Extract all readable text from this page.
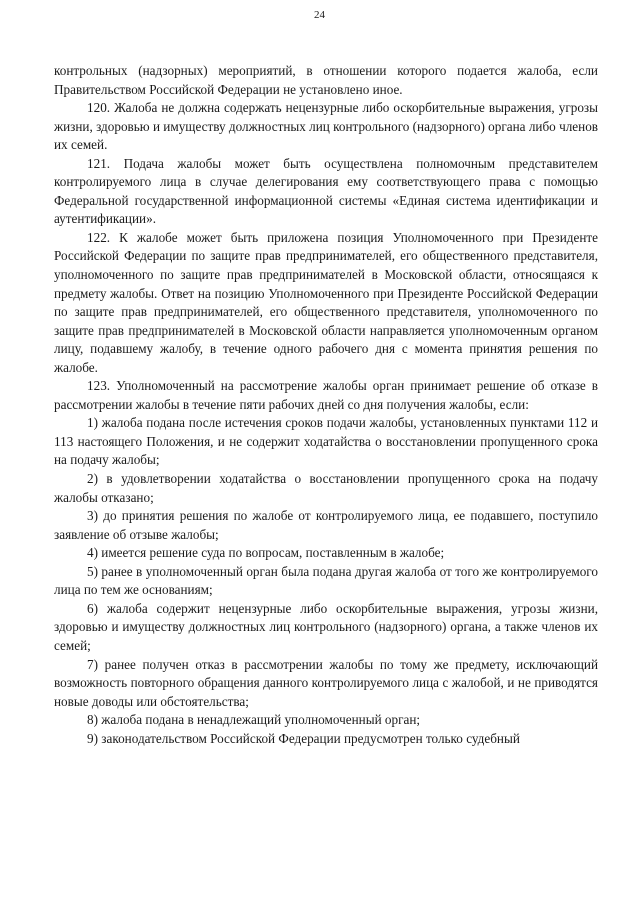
24

контрольных (надзорных) мероприятий, в отношении которого подается жалоба, если Правительством Российской Федерации не установлено иное.

120. Жалоба не должна содержать нецензурные либо оскорбительные выражения, угрозы жизни, здоровью и имуществу должностных лиц контрольного (надзорного) органа либо членов их семей.

121. Подача жалобы может быть осуществлена полномочным представителем контролируемого лица в случае делегирования ему соответствующего права с помощью Федеральной государственной информационной системы «Единая система идентификации и аутентификации».

122. К жалобе может быть приложена позиция Уполномоченного при Президенте Российской Федерации по защите прав предпринимателей, его общественного представителя, уполномоченного по защите прав предпринимателей в Московской области, относящаяся к предмету жалобы. Ответ на позицию Уполномоченного при Президенте Российской Федерации по защите прав предпринимателей, его общественного представителя, уполномоченного по защите прав предпринимателей в Московской области направляется уполномоченным органом лицу, подавшему жалобу, в течение одного рабочего дня с момента принятия решения по жалобе.

123. Уполномоченный на рассмотрение жалобы орган принимает решение об отказе в рассмотрении жалобы в течение пяти рабочих дней со дня получения жалобы, если:

1) жалоба подана после истечения сроков подачи жалобы, установленных пунктами 112 и 113 настоящего Положения, и не содержит ходатайства о восстановлении пропущенного срока на подачу жалобы;

2) в удовлетворении ходатайства о восстановлении пропущенного срока на подачу жалобы отказано;

3) до принятия решения по жалобе от контролируемого лица, ее подавшего, поступило заявление об отзыве жалобы;

4) имеется решение суда по вопросам, поставленным в жалобе;

5) ранее в уполномоченный орган была подана другая жалоба от того же контролируемого лица по тем же основаниям;

6) жалоба содержит нецензурные либо оскорбительные выражения, угрозы жизни, здоровью и имуществу должностных лиц контрольного (надзорного) органа, а также членов их семей;

7) ранее получен отказ в рассмотрении жалобы по тому же предмету, исключающий возможность повторного обращения данного контролируемого лица с жалобой, и не приводятся новые доводы или обстоятельства;

8) жалоба подана в ненадлежащий уполномоченный орган;

9) законодательством Российской Федерации предусмотрен только судебный
